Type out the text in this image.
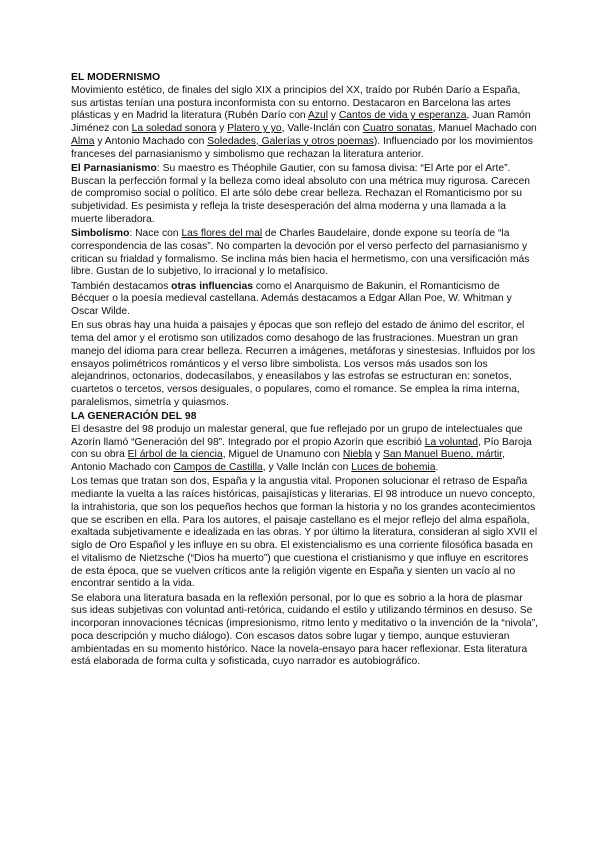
EL MODERNISMO

Movimiento estético, de finales del siglo XIX a principios del XX, traído por Rubén Darío a España, sus artistas tenían una postura inconformista con su entorno. Destacaron en Barcelona las artes plásticas y en Madrid la literatura (Rubén Darío con Azul y Cantos de vida y esperanza, Juan Ramón Jiménez con La soledad sonora y Platero y yo, Valle-Inclán con Cuatro sonatas, Manuel Machado con Alma y Antonio Machado con Soledades, Galerías y otros poemas). Influenciado por los movimientos franceses del parnasianismo y simbolismo que rechazan la literatura anterior.

El Parnasianismo: Su maestro es Théophile Gautier, con su famosa divisa: “El Arte por el Arte”. Buscan la perfección formal y la belleza como ideal absoluto con una métrica muy rigurosa. Carecen de compromiso social o político. El arte sólo debe crear belleza. Rechazan el Romanticismo por su subjetividad. Es pesimista y refleja la triste desesperación del alma moderna y una llamada a la muerte liberadora.

Simbolismo: Nace con Las flores del mal de Charles Baudelaire, donde expone su teoría de “la correspondencia de las cosas”. No comparten la devoción por el verso perfecto del parnasianismo y critican su frialdad y formalismo. Se inclina más bien hacia el hermetismo, con una versificación más libre. Gustan de lo subjetivo, lo irracional y lo metafísico.

También destacamos otras influencias como el Anarquismo de Bakunin, el Romanticismo de Bécquer o la poesía medieval castellana. Además destacamos a Edgar Allan Poe, W. Whitman y Oscar Wilde.

En sus obras hay una huida a paisajes y épocas que son reflejo del estado de ánimo del escritor, el tema del amor y el erotismo son utilizados como desahogo de las frustraciones. Muestran un gran manejo del idioma para crear belleza. Recurren a imágenes, metáforas y sinestesias. Influidos por los ensayos polimétricos románticos y el verso libre simbolista. Los versos más usados son los alejandrinos, octonarios, dodecasílabos, y eneasílabos y las estrofas se estructuran en: sonetos, cuartetos o tercetos, versos desiguales, o populares, como el romance. Se emplea la rima interna, paralelismos, simetría y quiasmos.

LA GENERACIÓN DEL 98

El desastre del 98 produjo un malestar general, que fue reflejado por un grupo de intelectuales que Azorín llamó “Generación del 98”. Integrado por el propio Azorín que escribió La voluntad, Pío Baroja con su obra El árbol de la ciencia, Miguel de Unamuno con Niebla y San Manuel Bueno, mártir, Antonio Machado con Campos de Castilla, y Valle Inclán con Luces de bohemia.

Los temas que tratan son dos, España y la angustia vital. Proponen solucionar el retraso de España mediante la vuelta a las raíces históricas, paisajísticas y literarias. El 98 introduce un nuevo concepto, la intrahistoria, que son los pequeños hechos que forman la historia y no los grandes acontecimientos que se escriben en ella. Para los autores, el paisaje castellano es el mejor reflejo del alma española, exaltada subjetivamente e idealizada en las obras. Y por último la literatura, consideran al siglo XVII el siglo de Oro Español y les influye en su obra. El existencialismo es una corriente filosófica basada en el vitalismo de Nietzsche (“Dios ha muerto”) que cuestiona el cristianismo y que influye en escritores de esta época, que se vuelven críticos ante la religión vigente en España y sienten un vacío al no encontrar sentido a la vida.

Se elabora una literatura basada en la reflexión personal, por lo que es sobrio a la hora de plasmar sus ideas subjetivas con voluntad anti-retórica, cuidando el estilo y utilizando términos en desuso. Se incorporan innovaciones técnicas (impresionismo, ritmo lento y meditativo o la invención de la “nivola”, poca descripción y mucho diálogo). Con escasos datos sobre lugar y tiempo, aunque estuvieran ambientadas en su momento histórico. Nace la novela-ensayo para hacer reflexionar. Esta literatura está elaborada de forma culta y sofisticada, cuyo narrador es autobiográfico.
